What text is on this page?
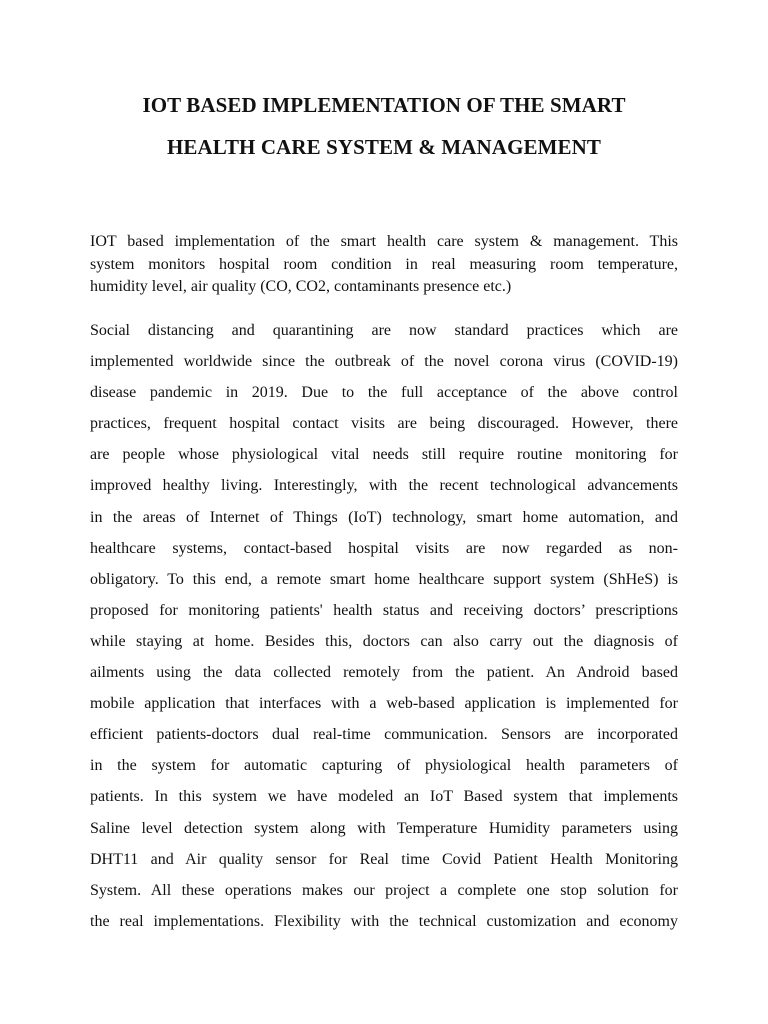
IOT BASED IMPLEMENTATION OF THE SMART
HEALTH CARE SYSTEM & MANAGEMENT
IOT based implementation of the smart health care system & management. This
system monitors hospital room condition in real measuring room temperature,
humidity level, air quality (CO, CO2, contaminants presence etc.)
Social distancing and quarantining are now standard practices which are
implemented worldwide since the outbreak of the novel corona virus (COVID-19)
disease pandemic in 2019. Due to the full acceptance of the above control
practices, frequent hospital contact visits are being discouraged. However, there
are people whose physiological vital needs still require routine monitoring for
improved healthy living. Interestingly, with the recent technological advancements
in the areas of Internet of Things (IoT) technology, smart home automation, and
healthcare systems, contact-based hospital visits are now regarded as non-
obligatory. To this end, a remote smart home healthcare support system (ShHeS) is
proposed for monitoring patients' health status and receiving doctors’ prescriptions
while staying at home. Besides this, doctors can also carry out the diagnosis of
ailments using the data collected remotely from the patient. An Android based
mobile application that interfaces with a web-based application is implemented for
efficient patients-doctors dual real-time communication. Sensors are incorporated
in the system for automatic capturing of physiological health parameters of
patients. In this system we have modeled an IoT Based system that implements
Saline level detection system along with Temperature Humidity parameters using
DHT11 and Air quality sensor for Real time Covid Patient Health Monitoring
System. All these operations makes our project a complete one stop solution for
the real implementations. Flexibility with the technical customization and economy
